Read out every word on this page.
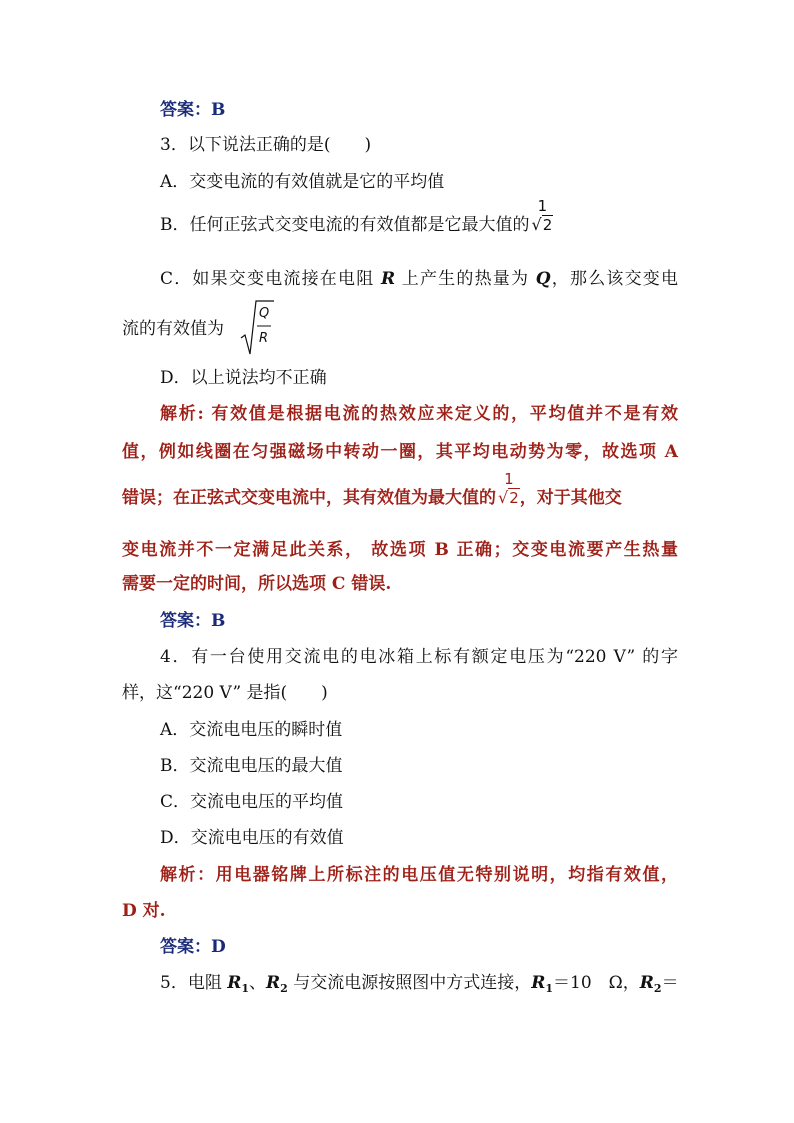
答案：B
3．以下说法正确的是(　　)
A．交变电流的有效值就是它的平均值
B．任何正弦式交变电流的有效值都是它最大值的
1
√2
C．如果交变电流接在电阻 R 上产生的热量为 Q，那么该交变电
流的有效值为
Q
R
D．以上说法均不正确
解析: 有效值是根据电流的热效应来定义的，平均值并不是有效
值，例如线圈在匀强磁场中转动一圈，其平均电动势为零，故选项 A
错误；在正弦式交变电流中，其有效值为最大值的
1
√2 ，对于其他交
变电流并不一定满足此关系， 故选项 B 正确；交变电流要产生热量
需要一定的时间，所以选项 C 错误.
答案：B
4．有一台使用交流电的电冰箱上标有额定电压为“220 V” 的字
样，这“220 V” 是指(　　)
A．交流电电压的瞬时值
B．交流电电压的最大值
C．交流电电压的平均值
D．交流电电压的有效值
解析：用电器铭牌上所标注的电压值无特别说明，均指有效值，
D 对.
答案：D
5．电阻 $R_1$、$R_2$ 与交流电源按照图中方式连接，$R_1=10$　Ω，$R_2=$
